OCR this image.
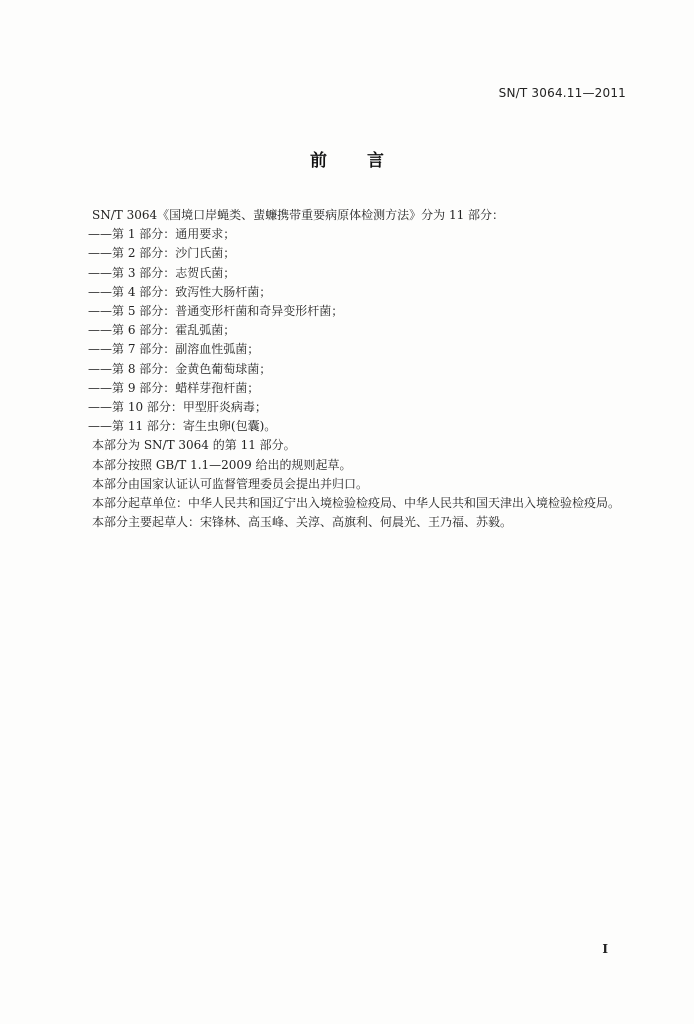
SN/T 3064.11—2011
前言

SN/T 3064《国境口岸蝇类、蜚蠊携带重要病原体检测方法》分为 11 部分：

——第 1 部分：通用要求；

——第 2 部分：沙门氏菌；

——第 3 部分：志贺氏菌；

——第 4 部分：致泻性大肠杆菌；

——第 5 部分：普通变形杆菌和奇异变形杆菌；

——第 6 部分：霍乱弧菌；

——第 7 部分：副溶血性弧菌；

——第 8 部分：金黄色葡萄球菌；

——第 9 部分：蜡样芽孢杆菌；

——第 10 部分：甲型肝炎病毒；

——第 11 部分：寄生虫卵(包囊)。

本部分为 SN/T 3064 的第 11 部分。

本部分按照 GB/T 1.1—2009 给出的规则起草。

本部分由国家认证认可监督管理委员会提出并归口。

本部分起草单位：中华人民共和国辽宁出入境检验检疫局、中华人民共和国天津出入境检验检疫局。

本部分主要起草人：宋锋林、高玉峰、关淳、高旗利、何晨光、王乃福、苏毅。

I
